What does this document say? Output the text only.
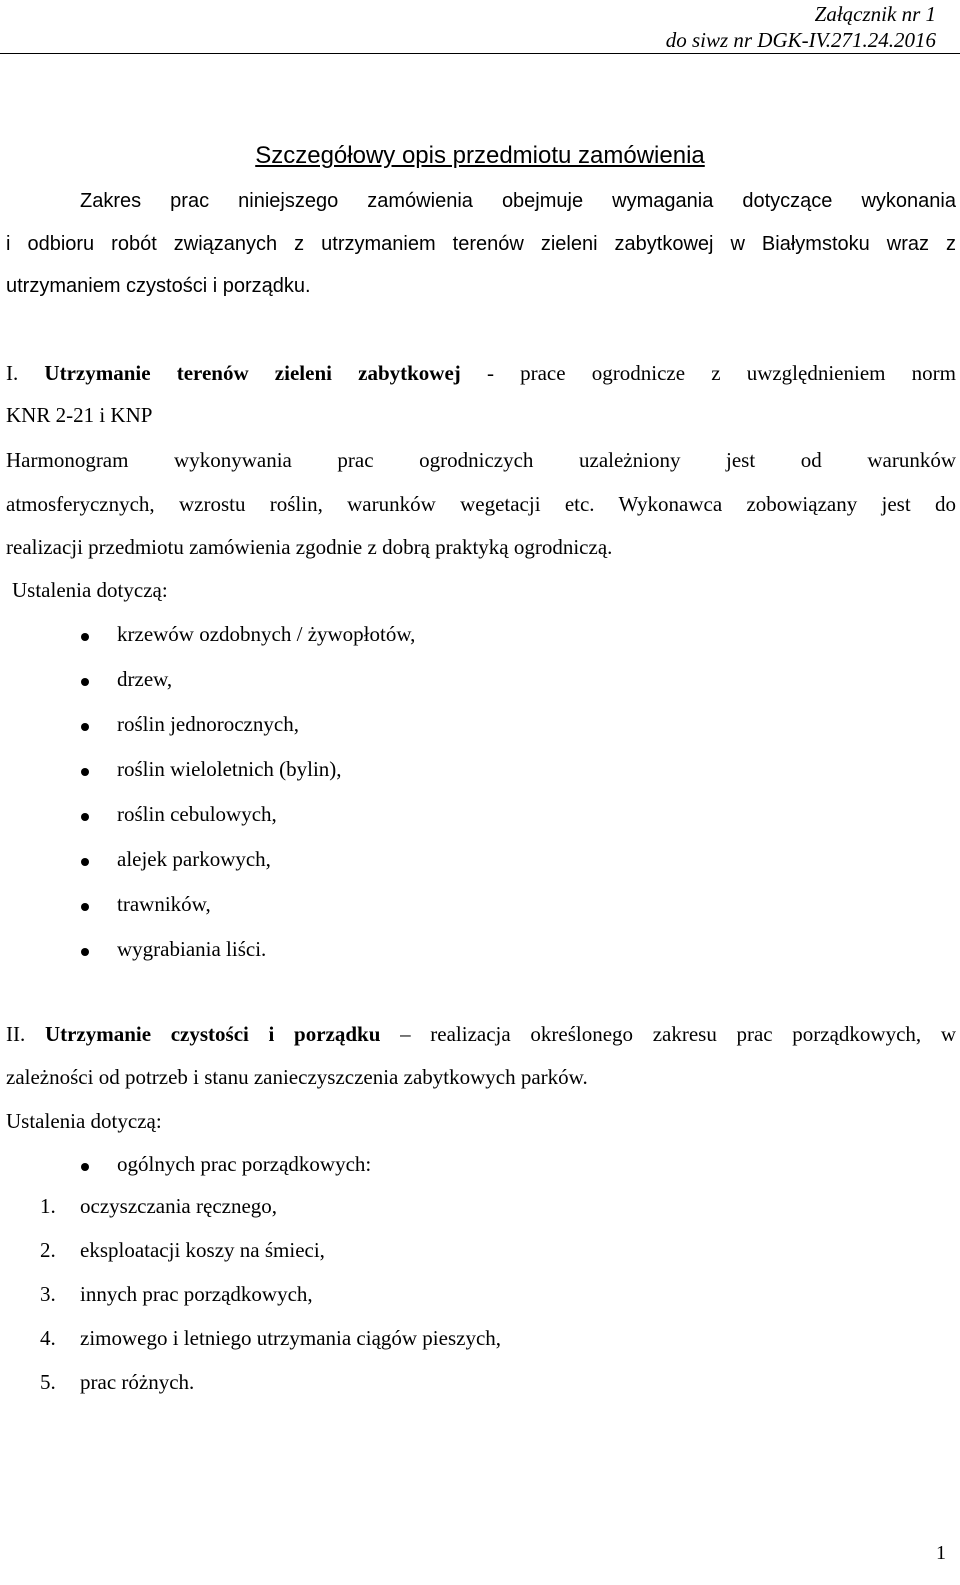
Załącznik nr 1
do siwz nr DGK-IV.271.24.2016
Szczegółowy opis przedmiotu zamówienia
Zakres prac niniejszego zamówienia obejmuje wymagania dotyczące wykonania
i odbioru robót związanych z utrzymaniem terenów zieleni zabytkowej w Białymstoku wraz z
utrzymaniem czystości i porządku.
I. Utrzymanie terenów zieleni zabytkowej - prace ogrodnicze z uwzględnieniem norm
KNR 2-21 i KNP
Harmonogram wykonywania prac ogrodniczych uzależniony jest od warunków
atmosferycznych, wzrostu roślin, warunków wegetacji etc. Wykonawca zobowiązany jest do
realizacji przedmiotu zamówienia zgodnie z dobrą praktyką ogrodniczą.
Ustalenia dotyczą:
krzewów ozdobnych / żywopłotów,
drzew,
roślin jednorocznych,
roślin wieloletnich (bylin),
roślin cebulowych,
alejek parkowych,
trawników,
wygrabiania liści.
II. Utrzymanie czystości i porządku – realizacja określonego zakresu prac porządkowych, w
zależności od potrzeb i stanu zanieczyszczenia zabytkowych parków.
Ustalenia dotyczą:
ogólnych prac porządkowych:
1. oczyszczania ręcznego,
2. eksploatacji koszy na śmieci,
3. innych prac porządkowych,
4. zimowego i letniego utrzymania ciągów pieszych,
5. prac różnych.
1
